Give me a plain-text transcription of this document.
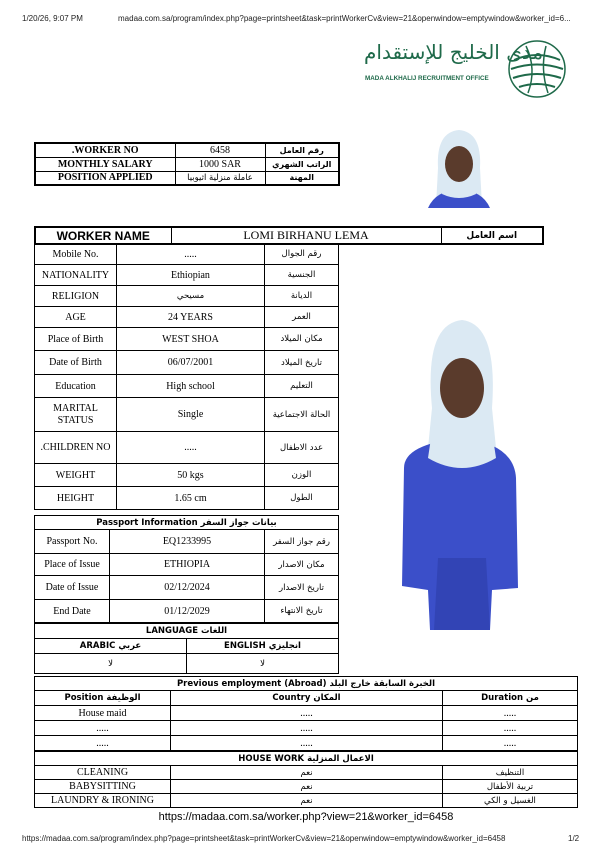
1/20/26, 9:07 PM	madaa.com.sa/program/index.php?page=printsheet&task=printWorkerCv&view=21&openwindow=emptywindow&worker_id=6...
مدى الخليج للإستقدام
MADA ALKHALIJ RECRUITMENT OFFICE
.WORKER NO	6458	رقم العامل
MONTHLY SALARY	1000 SAR	الراتب الشهري
POSITION APPLIED	عاملة منزلية اثيوبيا	المهنة
WORKER NAME	LOMI BIRHANU LEMA	اسم العامل
Mobile No.	.....	رقم الجوال
NATIONALITY	Ethiopian	الجنسية
RELIGION	مسيحي	الديانة
AGE	24 YEARS	العمر
Place of Birth	WEST SHOA	مكان الميلاد
Date of Birth	06/07/2001	تاريخ الميلاد
Education	High school	التعليم
MARITAL STATUS	Single	الحالة الاجتماعية
.CHILDREN NO	.....	عدد الاطفال
WEIGHT	50 kgs	الوزن
HEIGHT	1.65 cm	الطول
Passport Information بيانات جواز السفر		
Passport No.	EQ1233995	رقم جواز السفر
Place of Issue	ETHIOPIA	مكان الاصدار
Date of Issue	02/12/2024	تاريخ الاصدار
End Date	01/12/2029	تاريخ الانتهاء
LANGUAGE اللغات	
ARABIC عربي	ENGLISH انجليزي
لا	لا
Previous employment (Abroad) الخبرة السابقة خارج البلد		
Position الوظيفة	Country المكان	Duration من
House maid	.....	.....
.....	.....	.....
.....	.....	.....
HOUSE WORK الاعمال المنزلية		
CLEANING	نعم	التنظيف
BABYSITTING	نعم	تربية الأطفال
LAUNDRY & IRONING	نعم	الغسيل و الكي

https://madaa.com.sa/worker.php?view=21&worker_id=6458
https://madaa.com.sa/program/index.php?page=printsheet&task=printWorkerCv&view=21&openwindow=emptywindow&worker_id=6458	1/2
